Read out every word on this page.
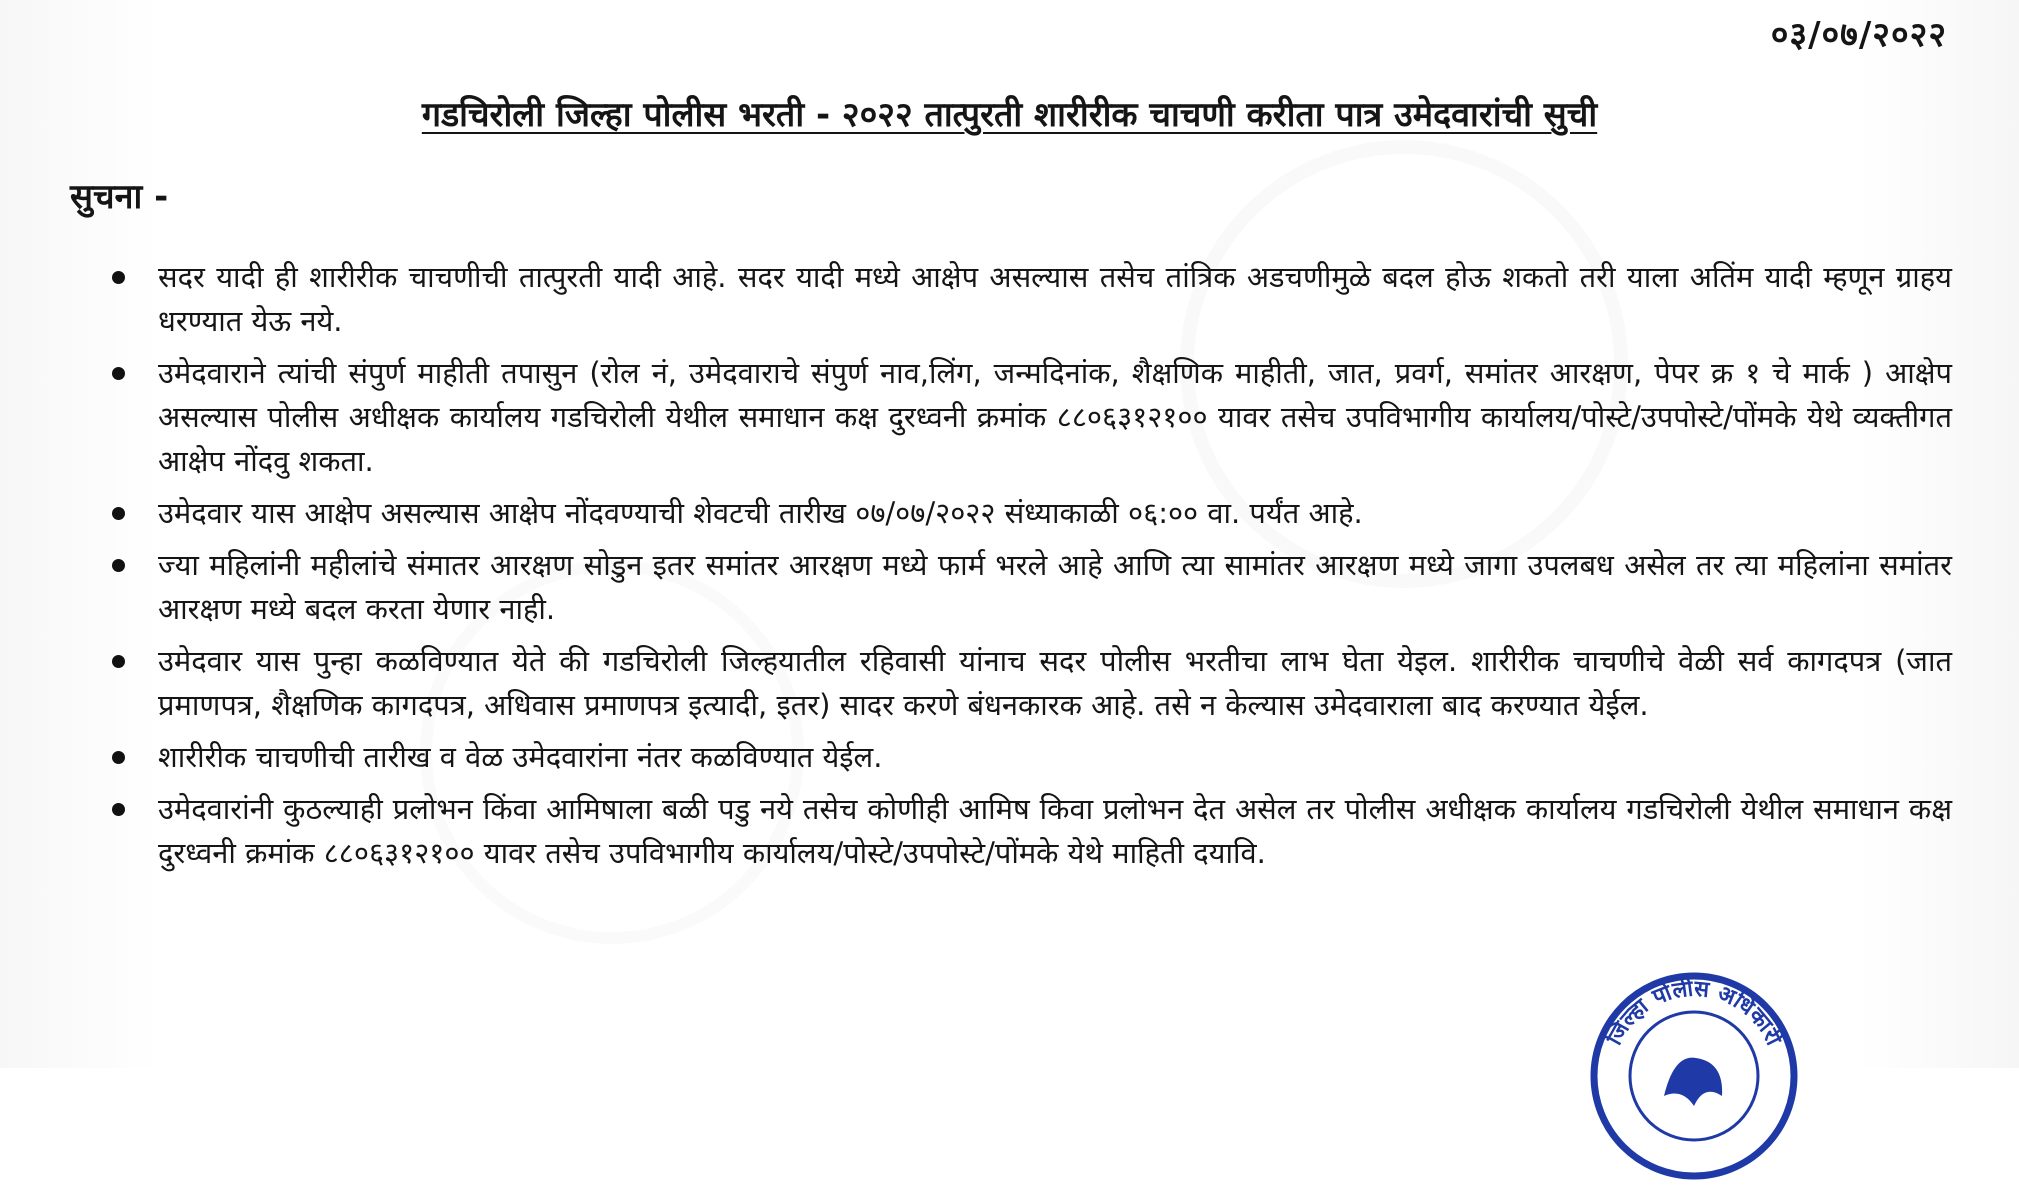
०३/०७/२०२२
गडचिरोली जिल्हा पोलीस भरती - २०२२ तात्पुरती शारीरीक चाचणी करीता पात्र उमेदवारांची सुची
सुचना -
सदर यादी ही शारीरीक चाचणीची तात्पुरती यादी आहे. सदर यादी मध्ये आक्षेप असल्यास तसेच तांत्रिक अडचणीमुळे बदल होऊ शकतो तरी याला अतिंम यादी म्हणून ग्राहय धरण्यात येऊ नये.
उमेदवाराने त्यांची संपुर्ण माहीती तपासुन (रोल नं, उमेदवाराचे संपुर्ण नाव,लिंग, जन्मदिनांक, शैक्षणिक माहीती, जात, प्रवर्ग, समांतर आरक्षण, पेपर क्र १ चे मार्क ) आक्षेप असल्यास पोलीस अधीक्षक कार्यालय गडचिरोली येथील समाधान कक्ष दुरध्वनी क्रमांक ८८०६३१२१०० यावर तसेच उपविभागीय कार्यालय/पोस्टे/उपपोस्टे/पोंमके येथे व्यक्तीगत आक्षेप नोंदवु शकता.
उमेदवार यास आक्षेप असल्यास आक्षेप नोंदवण्याची शेवटची तारीख ०७/०७/२०२२ संध्याकाळी ०६:०० वा. पर्यंत आहे.
ज्या महिलांनी महीलांचे संमातर आरक्षण सोडुन इतर समांतर आरक्षण मध्ये फार्म भरले आहे आणि त्या सामांतर आरक्षण मध्ये जागा उपलबध असेल तर त्या महिलांना समांतर आरक्षण मध्ये बदल करता येणार नाही.
उमेदवार यास पुन्हा कळविण्यात येते की गडचिरोली जिल्हयातील रहिवासी यांनाच सदर पोलीस भरतीचा लाभ घेता येइल. शारीरीक चाचणीचे वेळी सर्व कागदपत्र (जात प्रमाणपत्र, शैक्षणिक कागदपत्र, अधिवास प्रमाणपत्र इत्यादी, इतर) सादर करणे बंधनकारक आहे. तसे न केल्यास उमेदवाराला बाद करण्यात येईल.
शारीरीक चाचणीची तारीख व वेळ उमेदवारांना नंतर कळविण्यात येईल.
उमेदवारांनी कुठल्याही प्रलोभन किंवा आमिषाला बळी पडु नये तसेच कोणीही आमिष किवा प्रलोभन देत असेल तर पोलीस अधीक्षक कार्यालय गडचिरोली येथील समाधान कक्ष दुरध्वनी क्रमांक ८८०६३१२१०० यावर तसेच उपविभागीय कार्यालय/पोस्टे/उपपोस्टे/पोंमके येथे माहिती दयावि.
जिल्हा पोलीस अधिकारी
